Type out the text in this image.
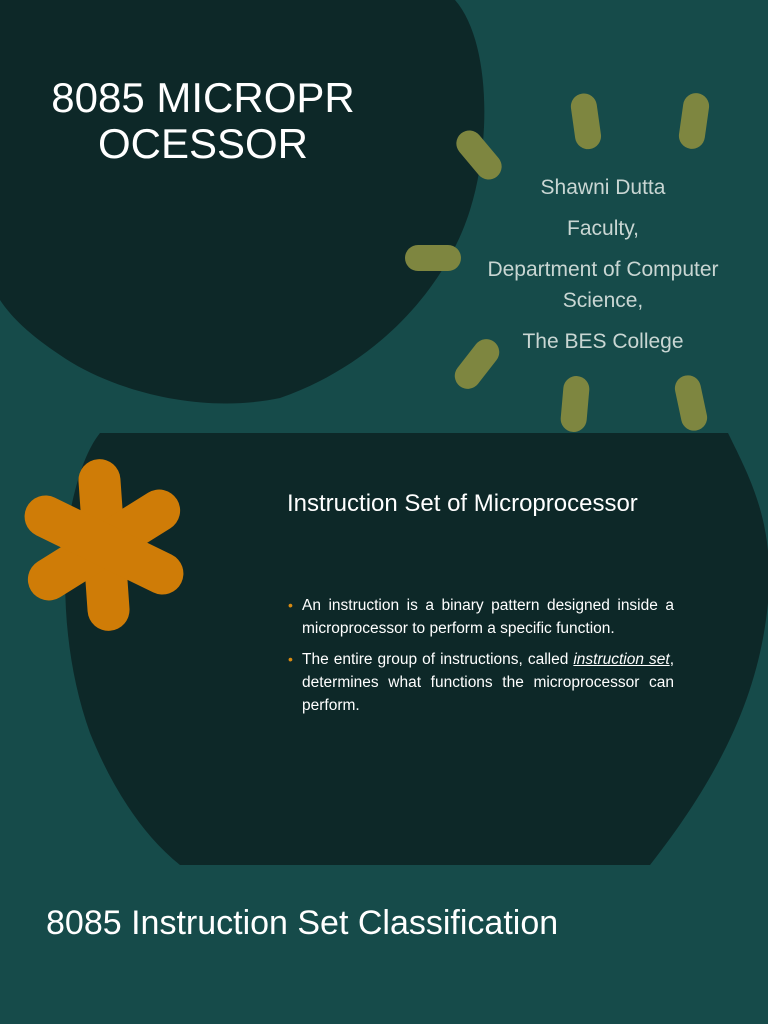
8085 MICROPROCESSOR
Shawni Dutta
Faculty,
Department of Computer Science,
The BES College
Instruction Set of Microprocessor
• An instruction is a binary pattern designed inside a microprocessor to perform a specific function.
• The entire group of instructions, called instruction set, determines what functions the microprocessor can perform.
8085 Instruction Set Classification
